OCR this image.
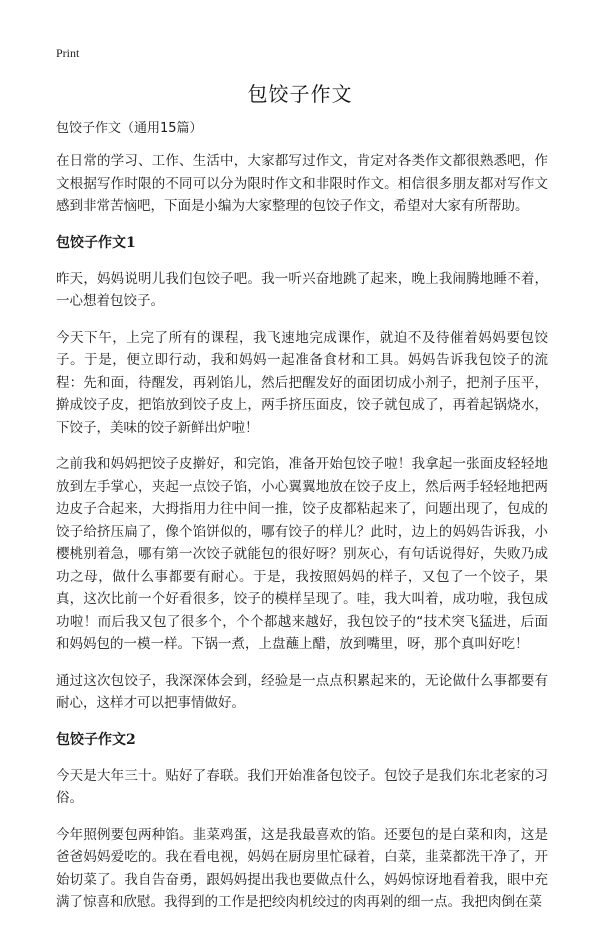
Print
包饺子作文
包饺子作文（通用15篇）

在日常的学习、工作、生活中，大家都写过作文，肯定对各类作文都很熟悉吧，作文根据写作时限的不同可以分为限时作文和非限时作文。相信很多朋友都对写作文感到非常苦恼吧，下面是小编为大家整理的包饺子作文，希望对大家有所帮助。

包饺子作文1

昨天，妈妈说明儿我们包饺子吧。我一听兴奋地跳了起来，晚上我闹腾地睡不着，一心想着包饺子。

今天下午，上完了所有的课程，我飞速地完成课作，就迫不及待催着妈妈要包饺子。于是，便立即行动，我和妈妈一起准备食材和工具。妈妈告诉我包饺子的流程：先和面，待醒发，再剁馅儿，然后把醒发好的面团切成小剂子，把剂子压平，擀成饺子皮，把馅放到饺子皮上，两手挤压面皮，饺子就包成了，再着起锅烧水，下饺子，美味的饺子新鲜出炉啦！

之前我和妈妈把饺子皮擀好，和完馅，准备开始包饺子啦！我拿起一张面皮轻轻地放到左手掌心，夹起一点饺子馅，小心翼翼地放在饺子皮上，然后两手轻轻地把两边皮子合起来，大拇指用力往中间一推，饺子皮都粘起来了，问题出现了，包成的饺子给挤压扁了，像个馅饼似的，哪有饺子的样儿？此时，边上的妈妈告诉我，小樱桃别着急，哪有第一次饺子就能包的很好呀？别灰心，有句话说得好，失败乃成功之母，做什么事都要有耐心。于是，我按照妈妈的样子，又包了一个饺子，果真，这次比前一个好看很多，饺子的模样呈现了。哇，我大叫着，成功啦，我包成功啦！而后我又包了很多个，个个都越来越好，我包饺子的“技术突飞猛进，后面和妈妈包的一模一样。下锅一煮，上盘蘸上醋，放到嘴里，呀，那个真叫好吃！

通过这次包饺子，我深深体会到，经验是一点点积累起来的，无论做什么事都要有耐心，这样才可以把事情做好。

包饺子作文2

今天是大年三十。贴好了春联。我们开始准备包饺子。包饺子是我们东北老家的习俗。

今年照例要包两种馅。韭菜鸡蛋，这是我最喜欢的馅。还要包的是白菜和肉，这是爸爸妈妈爱吃的。我在看电视，妈妈在厨房里忙碌着，白菜，韭菜都洗干净了，开始切菜了。我自告奋勇，跟妈妈提出我也要做点什么，妈妈惊讶地看着我，眼中充满了惊喜和欣慰。我得到的工作是把绞肉机绞过的肉再剁的细一点。我把肉倒在菜
